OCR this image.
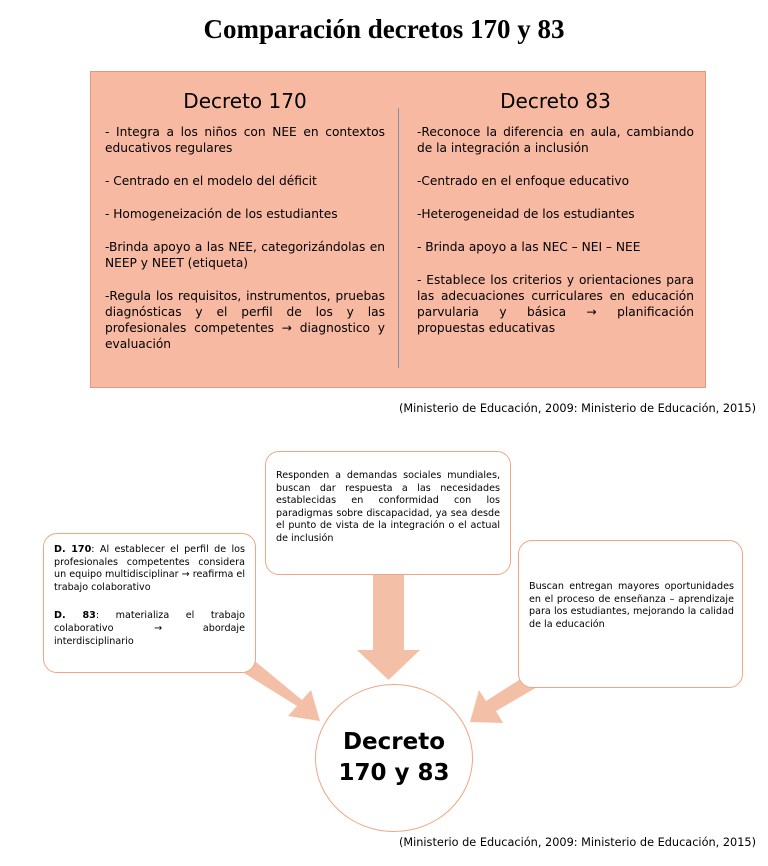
Comparación decretos 170 y 83
Decreto 170

- Integra a los niños con NEE en contextos educativos regulares

- Centrado en el modelo del déficit

- Homogeneización de los estudiantes

-Brinda apoyo a las NEE, categorizándolas en NEEP y NEET (etiqueta)

-Regula los requisitos, instrumentos, pruebas diagnósticas y el perfil de los y las profesionales competentes → diagnostico y evaluación

Decreto 83

-Reconoce la diferencia en aula, cambiando de la integración a inclusión

-Centrado en el enfoque educativo

-Heterogeneidad de los estudiantes

- Brinda apoyo a las NEC – NEI – NEE

- Establece los criterios y orientaciones para las adecuaciones curriculares en educación parvularia y básica → planificación propuestas educativas

(Ministerio de Educación, 2009: Ministerio de Educación, 2015)

Responden a demandas sociales mundiales, buscan dar respuesta a las necesidades establecidas en conformidad con los paradigmas sobre discapacidad, ya sea desde el punto de vista de la integración o el actual de inclusión

D. 170: Al establecer el perfil de los profesionales competentes considera un equipo multidisciplinar → reafirma el trabajo colaborativo

D. 83: materializa el trabajo colaborativo → abordaje interdisciplinario

Buscan entregan mayores oportunidades en el proceso de enseñanza – aprendizaje para los estudiantes, mejorando la calidad de la educación

Decreto
170 y 83
(Ministerio de Educación, 2009: Ministerio de Educación, 2015)
